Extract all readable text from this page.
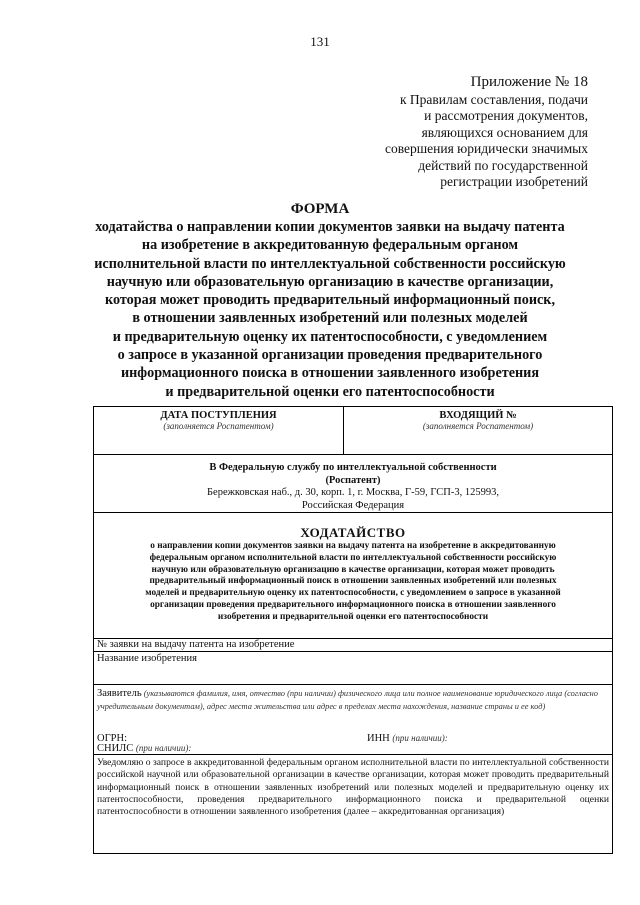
131
Приложение № 18
к Правилам составления, подачи
и рассмотрения документов,
являющихся основанием для
совершения юридически значимых
действий по государственной
регистрации изобретений
ФОРМА
ходатайства о направлении копии документов заявки на выдачу патента
на изобретение в аккредитованную федеральным органом
исполнительной власти по интеллектуальной собственности российскую
научную или образовательную организацию в качестве организации,
которая может проводить предварительный информационный поиск,
в отношении заявленных изобретений или полезных моделей
и предварительную оценку их патентоспособности, с уведомлением
о запросе в указанной организации проведения предварительного
информационного поиска в отношении заявленного изобретения
и предварительной оценки его патентоспособности
ДАТА ПОСТУПЛЕНИЯ
(заполняется Роспатентом)
ВХОДЯЩИЙ №
(заполняется Роспатентом)
В Федеральную службу по интеллектуальной собственности
(Роспатент)
Бережковская наб., д. 30, корп. 1, г. Москва, Г-59, ГСП-3, 125993,
Российская Федерация
ХОДАТАЙСТВО
о направлении копии документов заявки на выдачу патента на изобретение в аккредитованную
федеральным органом исполнительной власти по интеллектуальной собственности российскую
научную или образовательную организацию в качестве организации, которая может проводить
предварительный информационный поиск в отношении заявленных изобретений или полезных
моделей и предварительную оценку их патентоспособности, с уведомлением о запросе в указанной
организации проведения предварительного информационного поиска в отношении заявленного
изобретения и предварительной оценки его патентоспособности
№ заявки на выдачу патента на изобретение
Название изобретения
Заявитель (указываются фамилия, имя, отчество (при наличии) физического лица или полное наименование юридического лица (согласно учредительным документам), адрес места жительства или адрес в пределах места нахождения, название страны и ее код)
ОГРН:	ИНН (при наличии):
СНИЛС (при наличии):
Уведомляю о запросе в аккредитованной федеральным органом исполнительной власти по интеллектуальной собственности российской научной или образовательной организации в качестве организации, которая может проводить предварительный информационный поиск в отношении заявленных изобретений или полезных моделей и предварительную оценку их патентоспособности, проведения предварительного информационного поиска и предварительной оценки патентоспособности в отношении заявленного изобретения (далее – аккредитованная организация)
